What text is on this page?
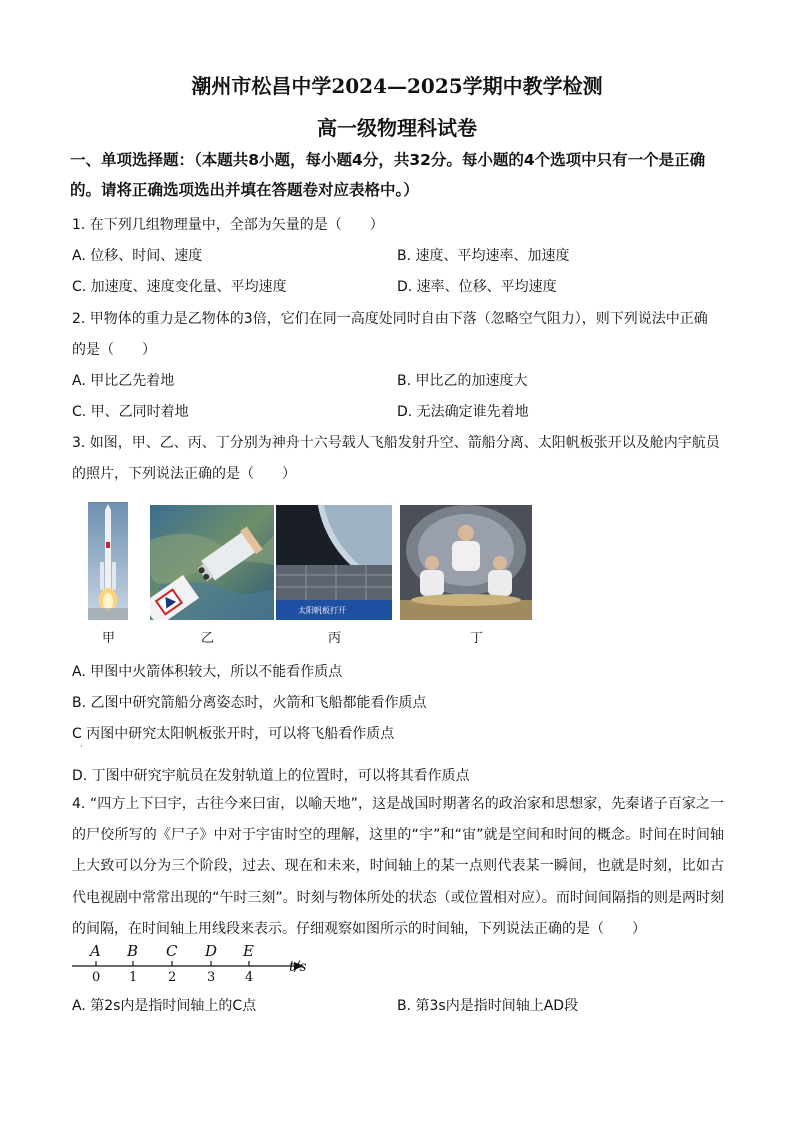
潮州市松昌中学2024—2025学期中教学检测
高一级物理科试卷
一、单项选择题：（本题共8小题，每小题4分，共32分。每小题的4个选项中只有一个是正确的。请将正确选项选出并填在答题卷对应表格中。）
1. 在下列几组物理量中，全部为矢量的是（　　）
A. 位移、时间、速度	B. 速度、平均速率、加速度
C. 加速度、速度变化量、平均速度	D. 速率、位移、平均速度
2. 甲物体的重力是乙物体的3倍，它们在同一高度处同时自由下落（忽略空气阻力），则下列说法中正确
的是（　　）
A. 甲比乙先着地	B. 甲比乙的加速度大
C. 甲、乙同时着地	D. 无法确定谁先着地
3. 如图，甲、乙、丙、丁分别为神舟十六号载人飞船发射升空、箭船分离、太阳帆板张开以及舱内宇航员
的照片，下列说法正确的是（　　）
太阳帆板打开
甲	乙	丙	丁
A. 甲图中火箭体积较大，所以不能看作质点
B. 乙图中研究箭船分离姿态时，火箭和飞船都能看作质点
C 丙图中研究太阳帆板张开时，可以将飞船看作质点
·
D. 丁图中研究宇航员在发射轨道上的位置时，可以将其看作质点
4. “四方上下曰宇，古往今来曰宙，以喻天地”，这是战国时期著名的政治家和思想家，先秦诸子百家之一的尸佼所写的《尸子》中对于宇宙时空的理解，这里的“宇”和“宙”就是空间和时间的概念。时间在时间轴上大致可以分为三个阶段，过去、现在和未来，时间轴上的某一点则代表某一瞬间，也就是时刻，比如古代电视剧中常常出现的“午时三刻”。时刻与物体所处的状态（或位置相对应）。而时间间隔指的则是两时刻的间隔，在时间轴上用线段来表示。仔细观察如图所示的时间轴，下列说法正确的是（　　）
A B C D E
0 1 2 3 4
t/s
A. 第2s内是指时间轴上的C点	B. 第3s内是指时间轴上AD段
